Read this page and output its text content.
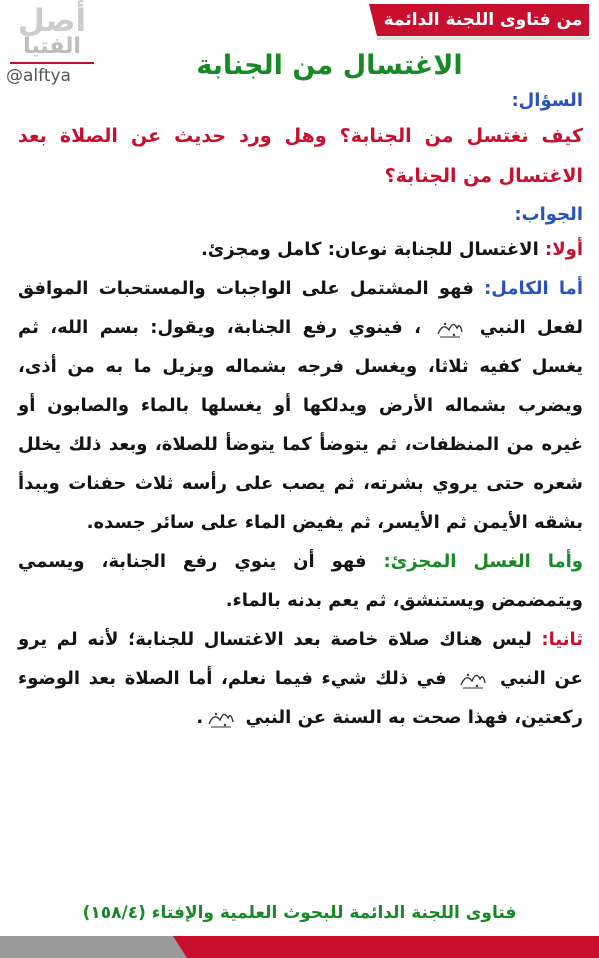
أصل
الفتيا
@alftya
من فتاوى اللجنة الدائمة
الاغتسال من الجنابة

السؤال:

كيف نغتسل من الجنابة؟ وهل ورد حديث عن الصلاة بعد الاغتسال من الجنابة؟

الجواب:

أولا: الاغتسال للجنابة نوعان: كامل ومجزئ.

أما الكامل: فهو المشتمل على الواجبات والمستحبات الموافق لفعل النبي  ، فينوي رفع الجنابة، ويقول: بسم الله، ثم يغسل كفيه ثلاثا، ويغسل فرجه بشماله ويزيل ما به من أذى، ويضرب بشماله الأرض ويدلكها أو يغسلها بالماء والصابون أو غيره من المنظفات، ثم يتوضأ كما يتوضأ للصلاة، وبعد ذلك يخلل شعره حتى يروي بشرته، ثم يصب على رأسه ثلاث حفنات ويبدأ بشقه الأيمن ثم الأيسر، ثم يفيض الماء على سائر جسده.

وأما الغسل المجزئ: فهو أن ينوي رفع الجنابة، ويسمي ويتمضمض ويستنشق، ثم يعم بدنه بالماء.

ثانيا: ليس هناك صلاة خاصة بعد الاغتسال للجنابة؛ لأنه لم يرو عن النبي  في ذلك شيء فيما نعلم، أما الصلاة بعد الوضوء ركعتين، فهذا صحت به السنة عن النبي .

فتاوى اللجنة الدائمة للبحوث العلمية والإفتاء (١٥٨/٤)
